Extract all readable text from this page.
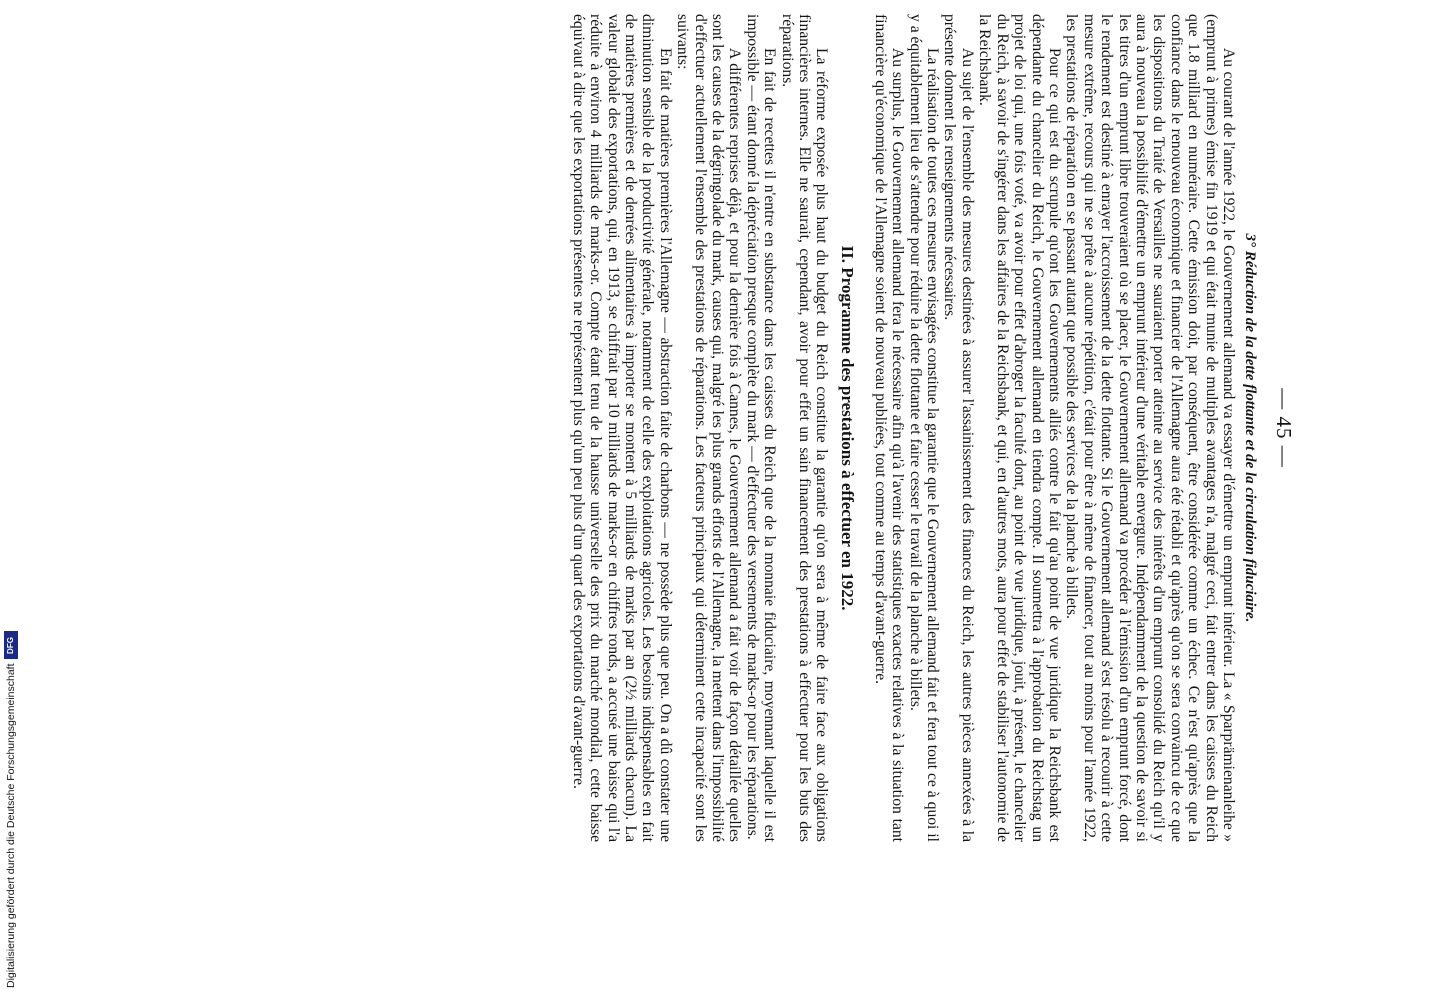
— 45 —
3° Réduction de la dette flottante et de la circulation fiduciaire.

Au courant de l'année 1922, le Gouvernement allemand va essayer d'émettre un emprunt intérieur. La « Sparprämienanleihe » (emprunt à primes) émise fin 1919 et qui était munie de multiples avantages n'a, malgré ceci, fait entrer dans les caisses du Reich que 1.8 milliard en numéraire. Cette émission doit, par conséquent, être considérée comme un échec. Ce n'est qu'après que la confiance dans le renouveau économique et financier de l'Allemagne aura été rétabli et qu'après qu'on se sera convaincu de ce que les dispositions du Traité de Versailles ne sauraient porter atteinte au service des intérêts d'un emprunt consolidé du Reich qu'il y aura à nouveau la possibilité d'émettre un emprunt intérieur d'une véritable envergure. Indépendamment de la question de savoir si les titres d'un emprunt libre trouveraient où se placer, le Gouvernement allemand va procéder à l'émission d'un emprunt forcé, dont le rendement est destiné à enrayer l'accroissement de la dette flottante. Si le Gouvernement allemand s'est résolu à recourir à cette mesure extrême, recours qui ne se prête à aucune répétition, c'était pour être à même de financer, tout au moins pour l'année 1922, les prestations de réparation en se passant autant que possible des services de la planche à billets.

Pour ce qui est du scrupule qu'ont les Gouvernements alliés contre le fait qu'au point de vue juridique la Reichsbank est dépendante du chancelier du Reich, le Gouvernement allemand en tiendra compte. Il soumettra à l'approbation du Reichstag un projet de loi qui, une fois voté, va avoir pour effet d'abroger la faculté dont, au point de vue juridique, jouit, à présent, le chancelier du Reich, à savoir de s'ingérer dans les affaires de la Reichsbank, et qui, en d'autres mots, aura pour effet de stabiliser l'autonomie de la Reichsbank.

Au sujet de l'ensemble des mesures destinées à assurer l'assainissement des finances du Reich, les autres pièces annexées à la présente donnent les renseignements nécessaires.

La réalisation de toutes ces mesures envisagées constitue la garantie que le Gouvernement allemand fait et fera tout ce à quoi il y a équitablement lieu de s'attendre pour réduire la dette flottante et faire cesser le travail de la planche à billets.

Au surplus, le Gouvernement allemand fera le nécessaire afin qu'à l'avenir des statistiques exactes relatives à la situation tant financière qu'économique de l'Allemagne soient de nouveau publiées, tout comme au temps d'avant-guerre.

II. Programme des prestations à effectuer en 1922.

La réforme exposée plus haut du budget du Reich constitue la garantie qu'on sera à même de faire face aux obligations financières internes. Elle ne saurait, cependant, avoir pour effet un sain financement des prestations à effectuer pour les buts des réparations.

En fait de recettes il n'entre en substance dans les caisses du Reich que de la monnaie fiduciaire, moyennant laquelle il est impossible — étant donné la dépréciation presque complète du mark — d'effectuer des versements de marks-or pour les réparations.

A différentes reprises déjà, et pour la dernière fois à Cannes, le Gouvernement allemand a fait voir de façon détaillée quelles sont les causes de la dégringolade du mark, causes qui, malgré les plus grands efforts de l'Allemagne, la mettent dans l'impossibilité d'effectuer actuellement l'ensemble des prestations de réparations. Les facteurs principaux qui déterminent cette incapacité sont les suivants:

En fait de matières premières l'Allemagne — abstraction faite de charbons — ne possède plus que peu. On a dû constater une diminution sensible de la productivité générale, notamment de celle des exploitations agricoles. Les besoins indispensables en fait de matières premières et de denrées alimentaires à importer se montent à 5 milliards de marks par an (2½ milliards chacun). La valeur globale des exportations, qui, en 1913, se chiffrait par 10 milliards de marks-or en chiffres ronds, a accusé une baisse qui l'a réduite à environ 4 milliards de marks-or. Compte étant tenu de la hausse universelle des prix du marché mondial, cette baisse équivaut à dire que les exportations présentes ne représentent plus qu'un peu plus d'un quart des exportations d'avant-guerre.

Digitalisierung gefördert durch die Deutsche Forschungsgemeinschaft
DFG
